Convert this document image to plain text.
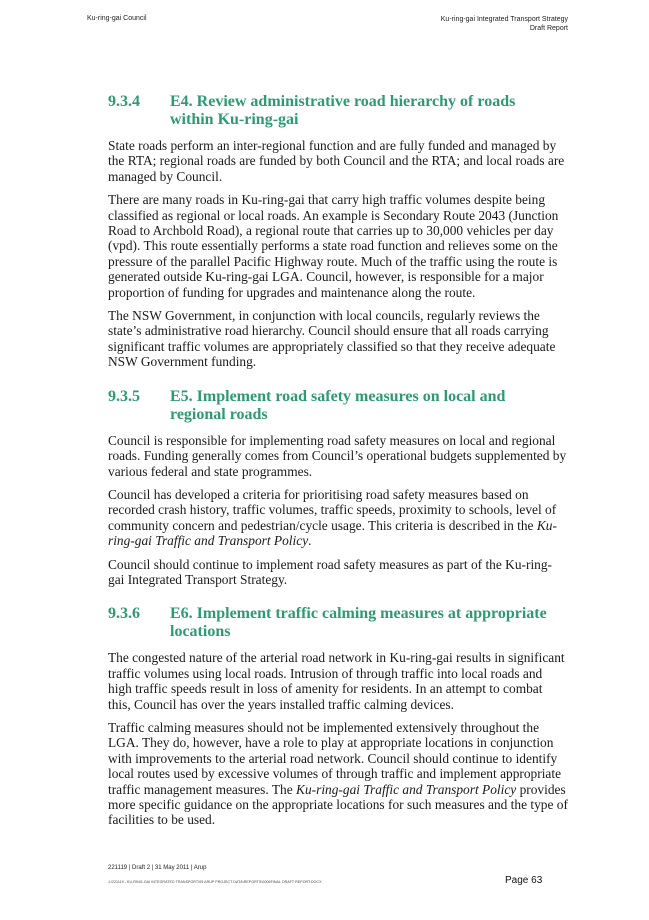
Ku-ring-gai Council	Ku-ring-gai Integrated Transport Strategy
Draft Report
9.3.4 E4. Review administrative road hierarchy of roads
within Ku-ring-gai

State roads perform an inter-regional function and are fully funded and managed by the RTA; regional roads are funded by both Council and the RTA; and local roads are managed by Council.

There are many roads in Ku-ring-gai that carry high traffic volumes despite being classified as regional or local roads. An example is Secondary Route 2043 (Junction Road to Archbold Road), a regional route that carries up to 30,000 vehicles per day (vpd). This route essentially performs a state road function and relieves some on the pressure of the parallel Pacific Highway route. Much of the traffic using the route is generated outside Ku-ring-gai LGA. Council, however, is responsible for a major proportion of funding for upgrades and maintenance along the route.

The NSW Government, in conjunction with local councils, regularly reviews the state’s administrative road hierarchy. Council should ensure that all roads carrying significant traffic volumes are appropriately classified so that they receive adequate NSW Government funding.

9.3.5 E5. Implement road safety measures on local and
regional roads

Council is responsible for implementing road safety measures on local and regional roads. Funding generally comes from Council’s operational budgets supplemented by various federal and state programmes.

Council has developed a criteria for prioritising road safety measures based on recorded crash history, traffic volumes, traffic speeds, proximity to schools, level of community concern and pedestrian/cycle usage. This criteria is described in the Ku-ring-gai Traffic and Transport Policy.

Council should continue to implement road safety measures as part of the Ku-ring-gai Integrated Transport Strategy.

9.3.6 E6. Implement traffic calming measures at appropriate
locations

The congested nature of the arterial road network in Ku-ring-gai results in significant traffic volumes using local roads. Intrusion of through traffic into local roads and high traffic speeds result in loss of amenity for residents. In an attempt to combat this, Council has over the years installed traffic calming devices.

Traffic calming measures should not be implemented extensively throughout the LGA. They do, however, have a role to play at appropriate locations in conjunction with improvements to the arterial road network. Council should continue to identify local routes used by excessive volumes of through traffic and implement appropriate traffic management measures. The Ku-ring-gai Traffic and Transport Policy provides more specific guidance on the appropriate locations for such measures and the type of facilities to be used.

221119 | Draft 2 | 31 May 2011 | Arup
J:\221119 - KU-RING-GAI INTEGRATED TRANSPORT\05 ARUP PROJECT DATA\REPORTS\0006FINAL DRAFT REPORT.DOCX	Page 63
